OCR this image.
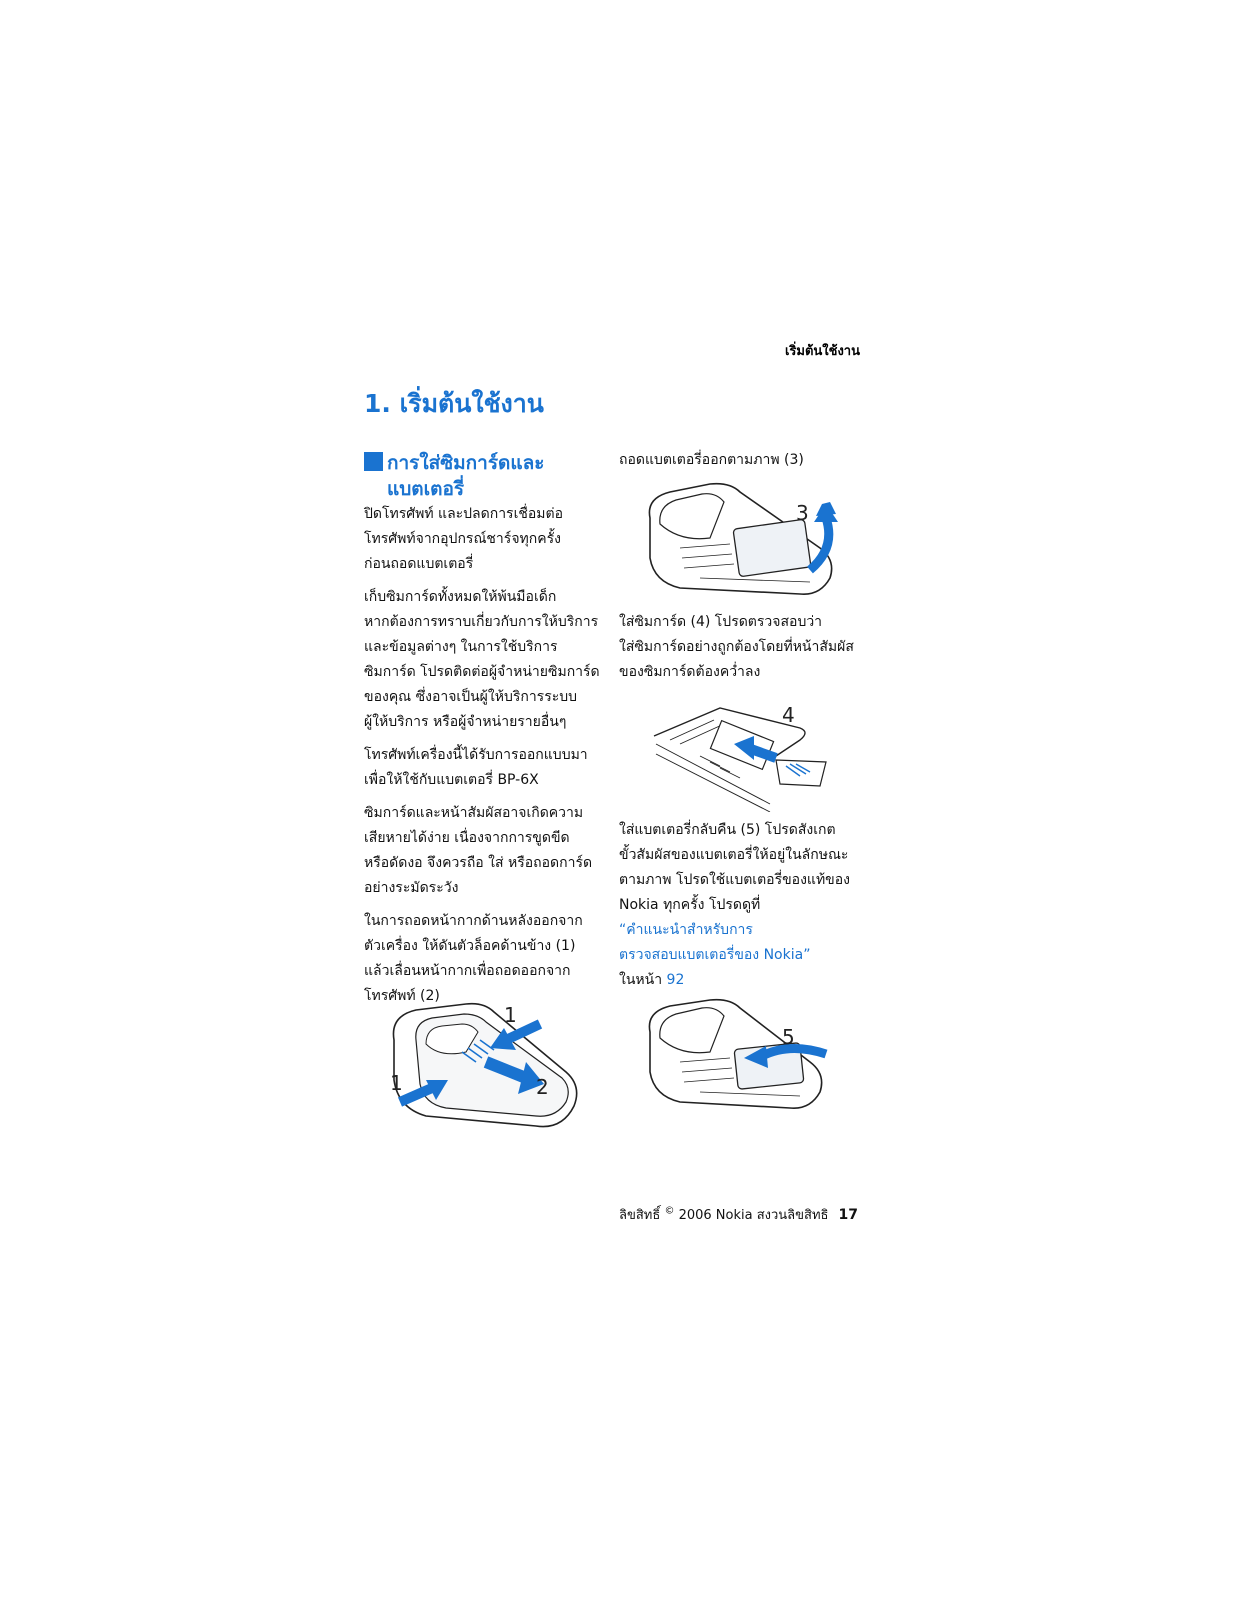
เริ่มต้นใช้งาน
1. เริ่มต้นใช้งาน
การใส่ซิมการ์ดและ
แบตเตอรี่

ปิดโทรศัพท์ และปลดการเชื่อมต่อ
โทรศัพท์จากอุปกรณ์ชาร์จทุกครั้ง
ก่อนถอดแบตเตอรี่

เก็บซิมการ์ดทั้งหมดให้พ้นมือเด็ก
หากต้องการทราบเกี่ยวกับการให้บริการ
และข้อมูลต่างๆ ในการใช้บริการ
ซิมการ์ด โปรดติดต่อผู้จำหน่ายซิมการ์ด
ของคุณ ซึ่งอาจเป็นผู้ให้บริการระบบ
ผู้ให้บริการ หรือผู้จำหน่ายรายอื่นๆ

โทรศัพท์เครื่องนี้ได้รับการออกแบบมา
เพื่อให้ใช้กับแบตเตอรี่ BP-6X

ซิมการ์ดและหน้าสัมผัสอาจเกิดความ
เสียหายได้ง่าย เนื่องจากการขูดขีด
หรือดัดงอ จึงควรถือ ใส่ หรือถอดการ์ด
อย่างระมัดระวัง

ในการถอดหน้ากากด้านหลังออกจาก
ตัวเครื่อง ให้ดันตัวล็อคด้านข้าง (1)
แล้วเลื่อนหน้ากากเพื่อถอดออกจาก
โทรศัพท์ (2)

ถอดแบตเตอรี่ออกตามภาพ (3)

3

ใส่ซิมการ์ด (4) โปรดตรวจสอบว่า
ใส่ซิมการ์ดอย่างถูกต้องโดยที่หน้าสัมผัส
ของซิมการ์ดต้องคว่ำลง

4

ใส่แบตเตอรี่กลับคืน (5) โปรดสังเกต
ขั้วสัมผัสของแบตเตอรี่ให้อยู่ในลักษณะ
ตามภาพ โปรดใช้แบตเตอรี่ของแท้ของ
Nokia ทุกครั้ง โปรดดูที่

“คำแนะนำสำหรับการ
ตรวจสอบแบตเตอรี่ของ Nokia”

ในหน้า 92

5
1
1	2
ลิขสิทธิ์ © 2006 Nokia สงวนลิขสิทธิ 17
